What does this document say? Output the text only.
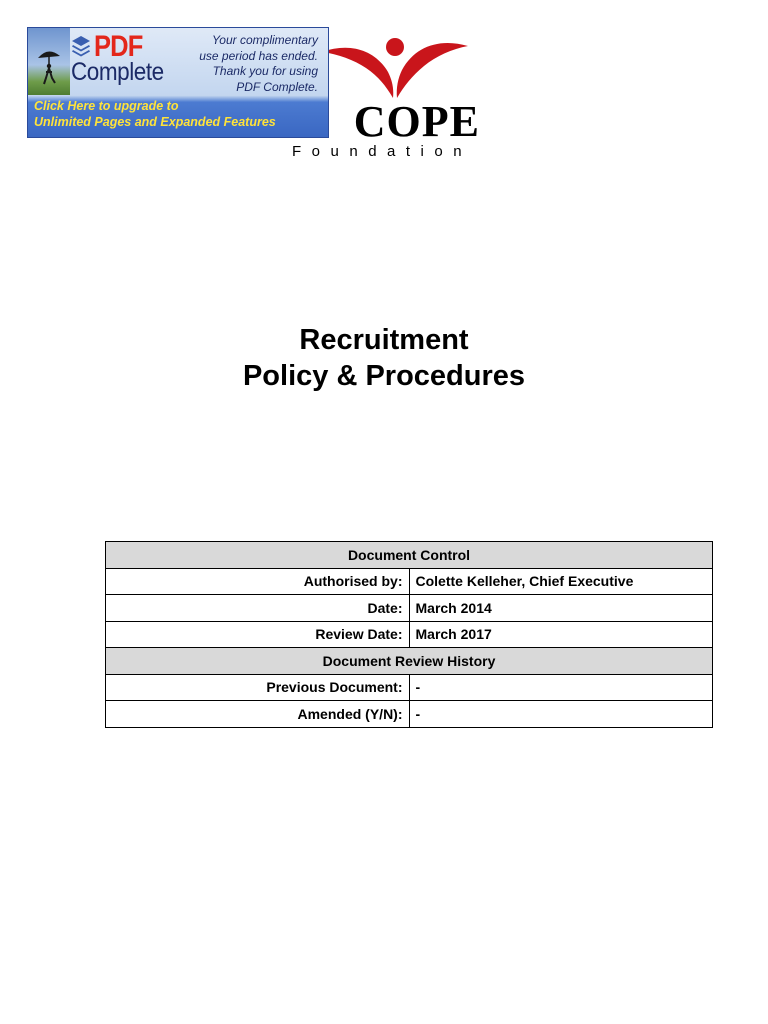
COPE
Foundation
PDF
Complete
Your complimentary
use period has ended.
Thank you for using
PDF Complete.
Click Here to upgrade to
Unlimited Pages and Expanded Features
Recruitment
Policy & Procedures
Document Control	
Authorised by:	Colette Kelleher, Chief Executive
Date:	March 2014
Review Date:	March 2017
Document Review History	
Previous Document:	-
Amended (Y/N):	-
